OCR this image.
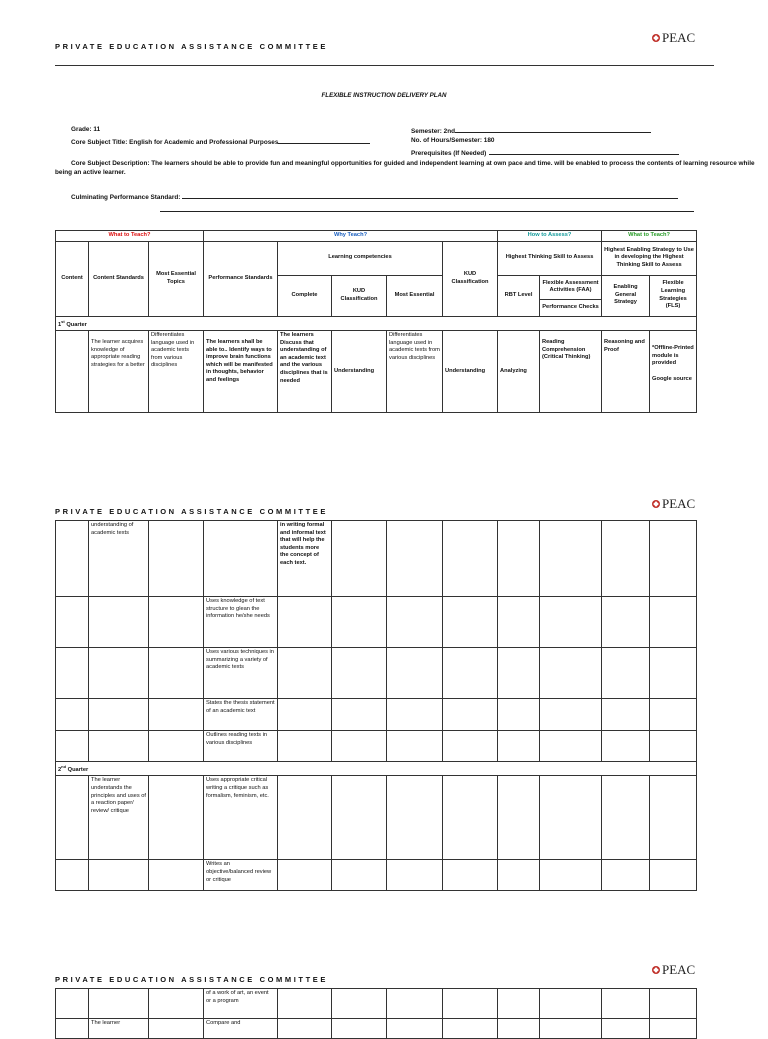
PRIVATE EDUCATION ASSISTANCE COMMITTEE
PEAC
FLEXIBLE INSTRUCTION DELIVERY PLAN
Grade: 11
Core Subject Title: English for Academic and Professional Purposes
Semester: 2nd
No. of Hours/Semester: 180
Prerequisites (If Needed)
Core Subject Description: The learners should be able to provide fun and meaningful opportunities for guided and independent learning at own pace and time. will be enabled to process the contents of learning resource while being an active learner.
Culminating Performance Standard:
What to Teach?			Why Teach?					How to Assess?		What to Teach?	
Content	Content Standards	Most Essential Topics	Performance Standards	Learning competencies			KUD Classification	Highest Thinking Skill to Assess		Highest Enabling Strategy to Use in developing the Highest Thinking Skill to Assess	
				Complete	KUD Classification	Most Essential		RBT Level	Flexible Assessment Activities (FAA)	Enabling General Strategy	Flexible Learning Strategies (FLS)
									Performance Checks		
1st Quarter											
	The learner acquires knowledge of appropriate reading strategies for a better	Differentiates language used in academic texts from various disciplines	The learners shall be able to.. Identify ways to improve brain functions which will be manifested in thoughts, behavior and feelings	The learners Discuss that understanding of an academic text and the various disciplines that is needed	Understanding	Differentiates language used in academic texts from various disciplines	Understanding	Analyzing	Reading Comprehension (Critical Thinking)	Reasoning and Proof	*Offline-Printed module is provided
Google source
PRIVATE EDUCATION ASSISTANCE COMMITTEE
PEAC
	understanding of academic texts			in writing formal and informal text that will help the students more the concept of each text.							
			Uses knowledge of text structure to glean the information he/she needs								
			Uses various techniques in summarizing a variety of academic texts								
			States the thesis statement of an academic text								
			Outlines reading texts in various disciplines								
2nd Quarter											
	The learner understands the principles and uses of a reaction paper/ review/ critique		Uses appropriate critical writing a critique such as formalism, feminism, etc.								
			Writes an objective/balanced review or critique								
PRIVATE EDUCATION ASSISTANCE COMMITTEE
PEAC
			of a work of art, an event or a program								
	The learner		Compare and								
